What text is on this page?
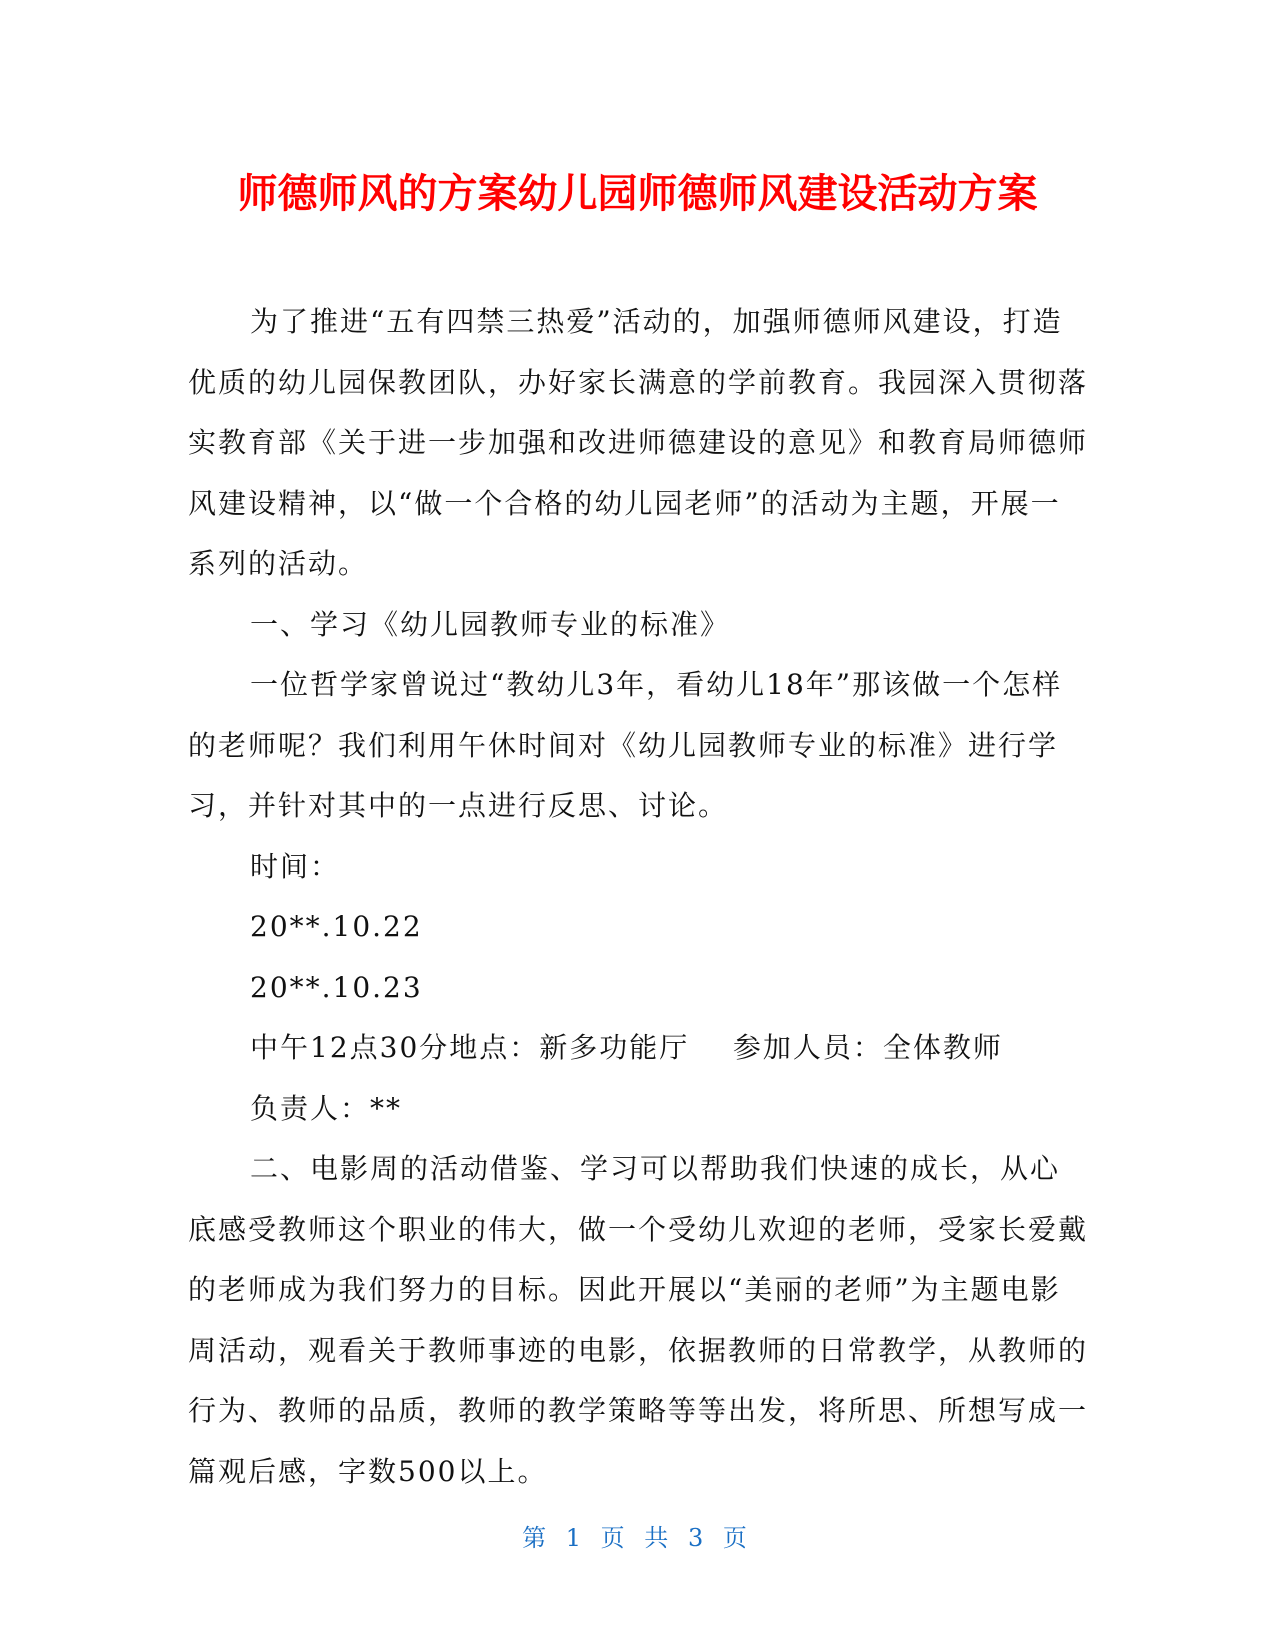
师德师风的方案幼儿园师德师风建设活动方案

为了推进“五有四禁三热爱”活动的，加强师德师风建设，打造优质的幼儿园保教团队，办好家长满意的学前教育。我园深入贯彻落实教育部《关于进一步加强和改进师德建设的意见》和教育局师德师风建设精神，以“做一个合格的幼儿园老师”的活动为主题，开展一系列的活动。

一、学习《幼儿园教师专业的标准》

一位哲学家曾说过“教幼儿3年，看幼儿18年”那该做一个怎样的老师呢？我们利用午休时间对《幼儿园教师专业的标准》进行学习，并针对其中的一点进行反思、讨论。

时间：

20**.10.22

20**.10.23

中午12点30分地点：新多功能厅    参加人员：全体教师

负责人：**

二、电影周的活动借鉴、学习可以帮助我们快速的成长，从心底感受教师这个职业的伟大，做一个受幼儿欢迎的老师，受家长爱戴的老师成为我们努力的目标。因此开展以“美丽的老师”为主题电影周活动，观看关于教师事迹的电影，依据教师的日常教学，从教师的行为、教师的品质，教师的教学策略等等出发，将所思、所想写成一篇观后感，字数500以上。

第 1 页 共 3 页
